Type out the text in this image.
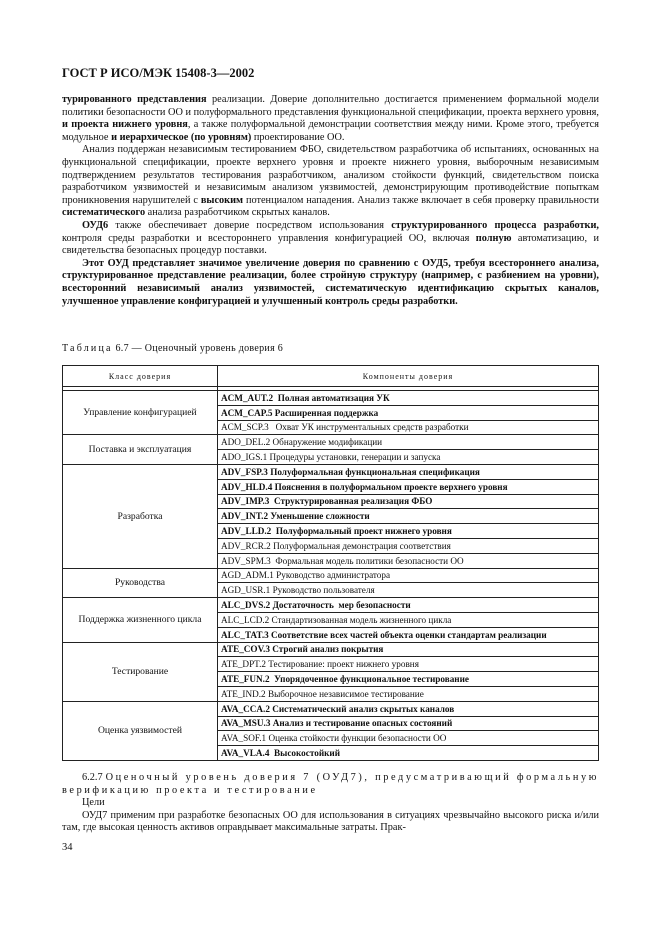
ГОСТ Р ИСО/МЭК 15408-3—2002

турированного представления реализации. Доверие дополнительно достигается применением формальной модели политики безопасности ОО и полуформального представления функциональной спецификации, проекта верхнего уровня, и проекта нижнего уровня, а также полуформальной демонстрации соответствия между ними. Кроме этого, требуется модульное и иерархическое (по уровням) проектирование ОО.

Анализ поддержан независимым тестированием ФБО, свидетельством разработчика об испытаниях, основанных на функциональной спецификации, проекте верхнего уровня и проекте нижнего уровня, выборочным независимым подтверждением результатов тестирования разработчиком, анализом стойкости функций, свидетельством поиска разработчиком уязвимостей и независимым анализом уязвимостей, демонстрирующим противодействие попыткам проникновения нарушителей с высоким потенциалом нападения. Анализ также включает в себя проверку правильности систематического анализа разработчиком скрытых каналов.

ОУД6 также обеспечивает доверие посредством использования структурированного процесса разработки, контроля среды разработки и всестороннего управления конфигурацией ОО, включая полную автоматизацию, и свидетельства безопасных процедур поставки.

Этот ОУД представляет значимое увеличение доверия по сравнению с ОУД5, требуя всестороннего анализа, структурированное представление реализации, более стройную структуру (например, с разбиением на уровни), всесторонний независимый анализ уязвимостей, систематическую идентификацию скрытых каналов, улучшенное управление конфигурацией и улучшенный контроль среды разработки.

Таблица 6.7 — Оценочный уровень доверия 6
Класс доверия	Компоненты доверия

Управление конфигурацией	ACM_AUT.2  Полная автоматизация УК
	ACM_CAP.5 Расширенная поддержка
	ACM_SCP.3   Охват УК инструментальных средств разработки
Поставка и эксплуатация	ADO_DEL.2 Обнаружение модификации
	ADO_IGS.1 Процедуры установки, генерации и запуска
Разработка	ADV_FSP.3 Полуформальная функциональная спецификация
	ADV_HLD.4 Пояснения в полуформальном проекте верхнего уровня
	ADV_IMP.3  Структурированная реализация ФБО
	ADV_INT.2 Уменьшение сложности
	ADV_LLD.2  Полуформальный проект нижнего уровня
	ADV_RCR.2 Полуформальная демонстрация соответствия
	ADV_SPM.3  Формальная модель политики безопасности ОО
Руководства	AGD_ADM.1 Руководство администратора
	AGD_USR.1 Руководство пользователя
Поддержка жизненного цикла	ALC_DVS.2 Достаточность  мер безопасности
	ALC_LCD.2 Стандартизованная модель жизненного цикла
	ALC_TAT.3 Соответствие всех частей объекта оценки стандартам реализации
Тестирование	ATE_COV.3 Строгий анализ покрытия
	ATE_DPT.2 Тестирование: проект нижнего уровня
	ATE_FUN.2  Упорядоченное функциональное тестирование
	ATE_IND.2 Выборочное независимое тестирование
Оценка уязвимостей	AVA_CCA.2 Систематический анализ скрытых каналов
	AVA_MSU.3 Анализ и тестирование опасных состояний
	AVA_SOF.1 Оценка стойкости функции безопасности ОО
	AVA_VLA.4  Высокостойкий

6.2.7 Оценочный уровень доверия 7 (ОУД7), предусматривающий формальную верификацию проекта и тестирование

Цели

ОУД7 применим при разработке безопасных ОО для использования в ситуациях чрезвычайно высокого риска и/или там, где высокая ценность активов оправдывает максимальные затраты. Прак-

34
